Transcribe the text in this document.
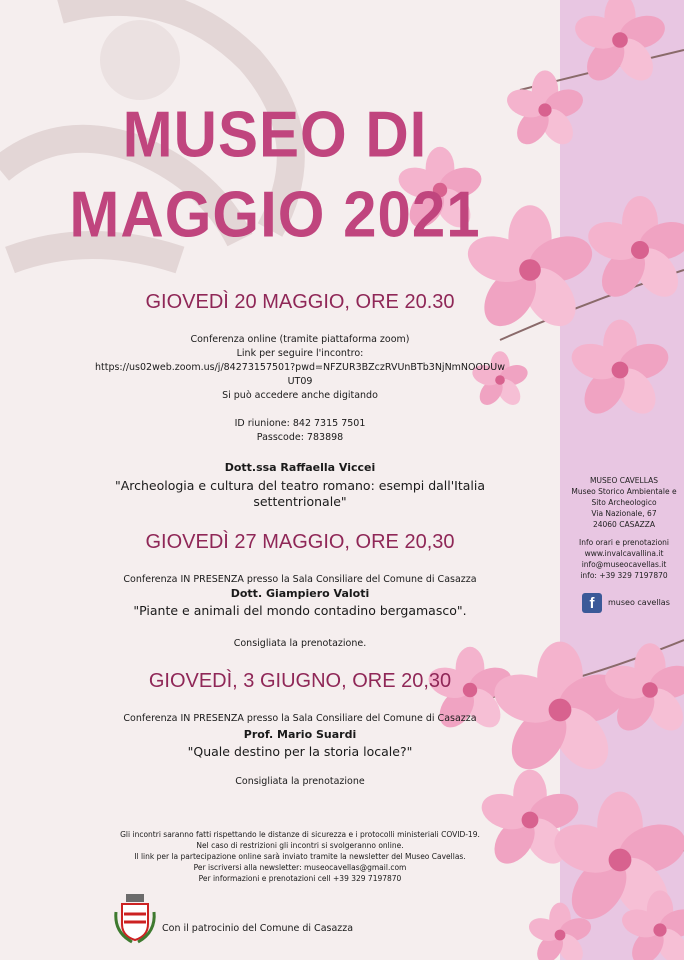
MUSEO DI
MAGGIO 2021
GIOVEDÌ 20 MAGGIO, ORE 20.30
Conferenza online (tramite piattaforma zoom)
Link per seguire l'incontro:
https://us02web.zoom.us/j/84273157501?pwd=NFZUR3BZczRVUnBTb3NjNmNOODUw
UT09
Si può accedere anche digitando
ID riunione: 842 7315 7501
Passcode: 783898
Dott.ssa Raffaella Viccei
"Archeologia e cultura del teatro romano: esempi dall'Italia
settentrionale"
GIOVEDÌ 27 MAGGIO, ORE 20,30
Conferenza IN PRESENZA presso la Sala Consiliare del Comune di Casazza
Dott. Giampiero Valoti
"Piante e animali del mondo contadino bergamasco".
Consigliata la prenotazione.
GIOVEDÌ, 3 GIUGNO, ORE 20,30
Conferenza IN PRESENZA presso la Sala Consiliare del Comune di Casazza
Prof. Mario Suardi
"Quale destino per la storia locale?"
Consigliata la prenotazione
Gli incontri saranno fatti rispettando le distanze di sicurezza e i protocolli ministeriali COVID-19.
Nel caso di restrizioni gli incontri si svolgeranno online.
Il link per la partecipazione online sarà inviato tramite la newsletter del Museo Cavellas.
Per iscriversi alla newsletter: museocavellas@gmail.com
Per informazioni e prenotazioni cell +39 329 7197870
MUSEO CAVELLAS
Museo Storico Ambientale e
Sito Archeologico
Via Nazionale, 67
24060 CASAZZA
Info orari e prenotazioni
www.invalcavallina.it
info@museocavellas.it
info: +39 329 7197870
f	museo cavellas
Con il patrocinio del Comune di Casazza
